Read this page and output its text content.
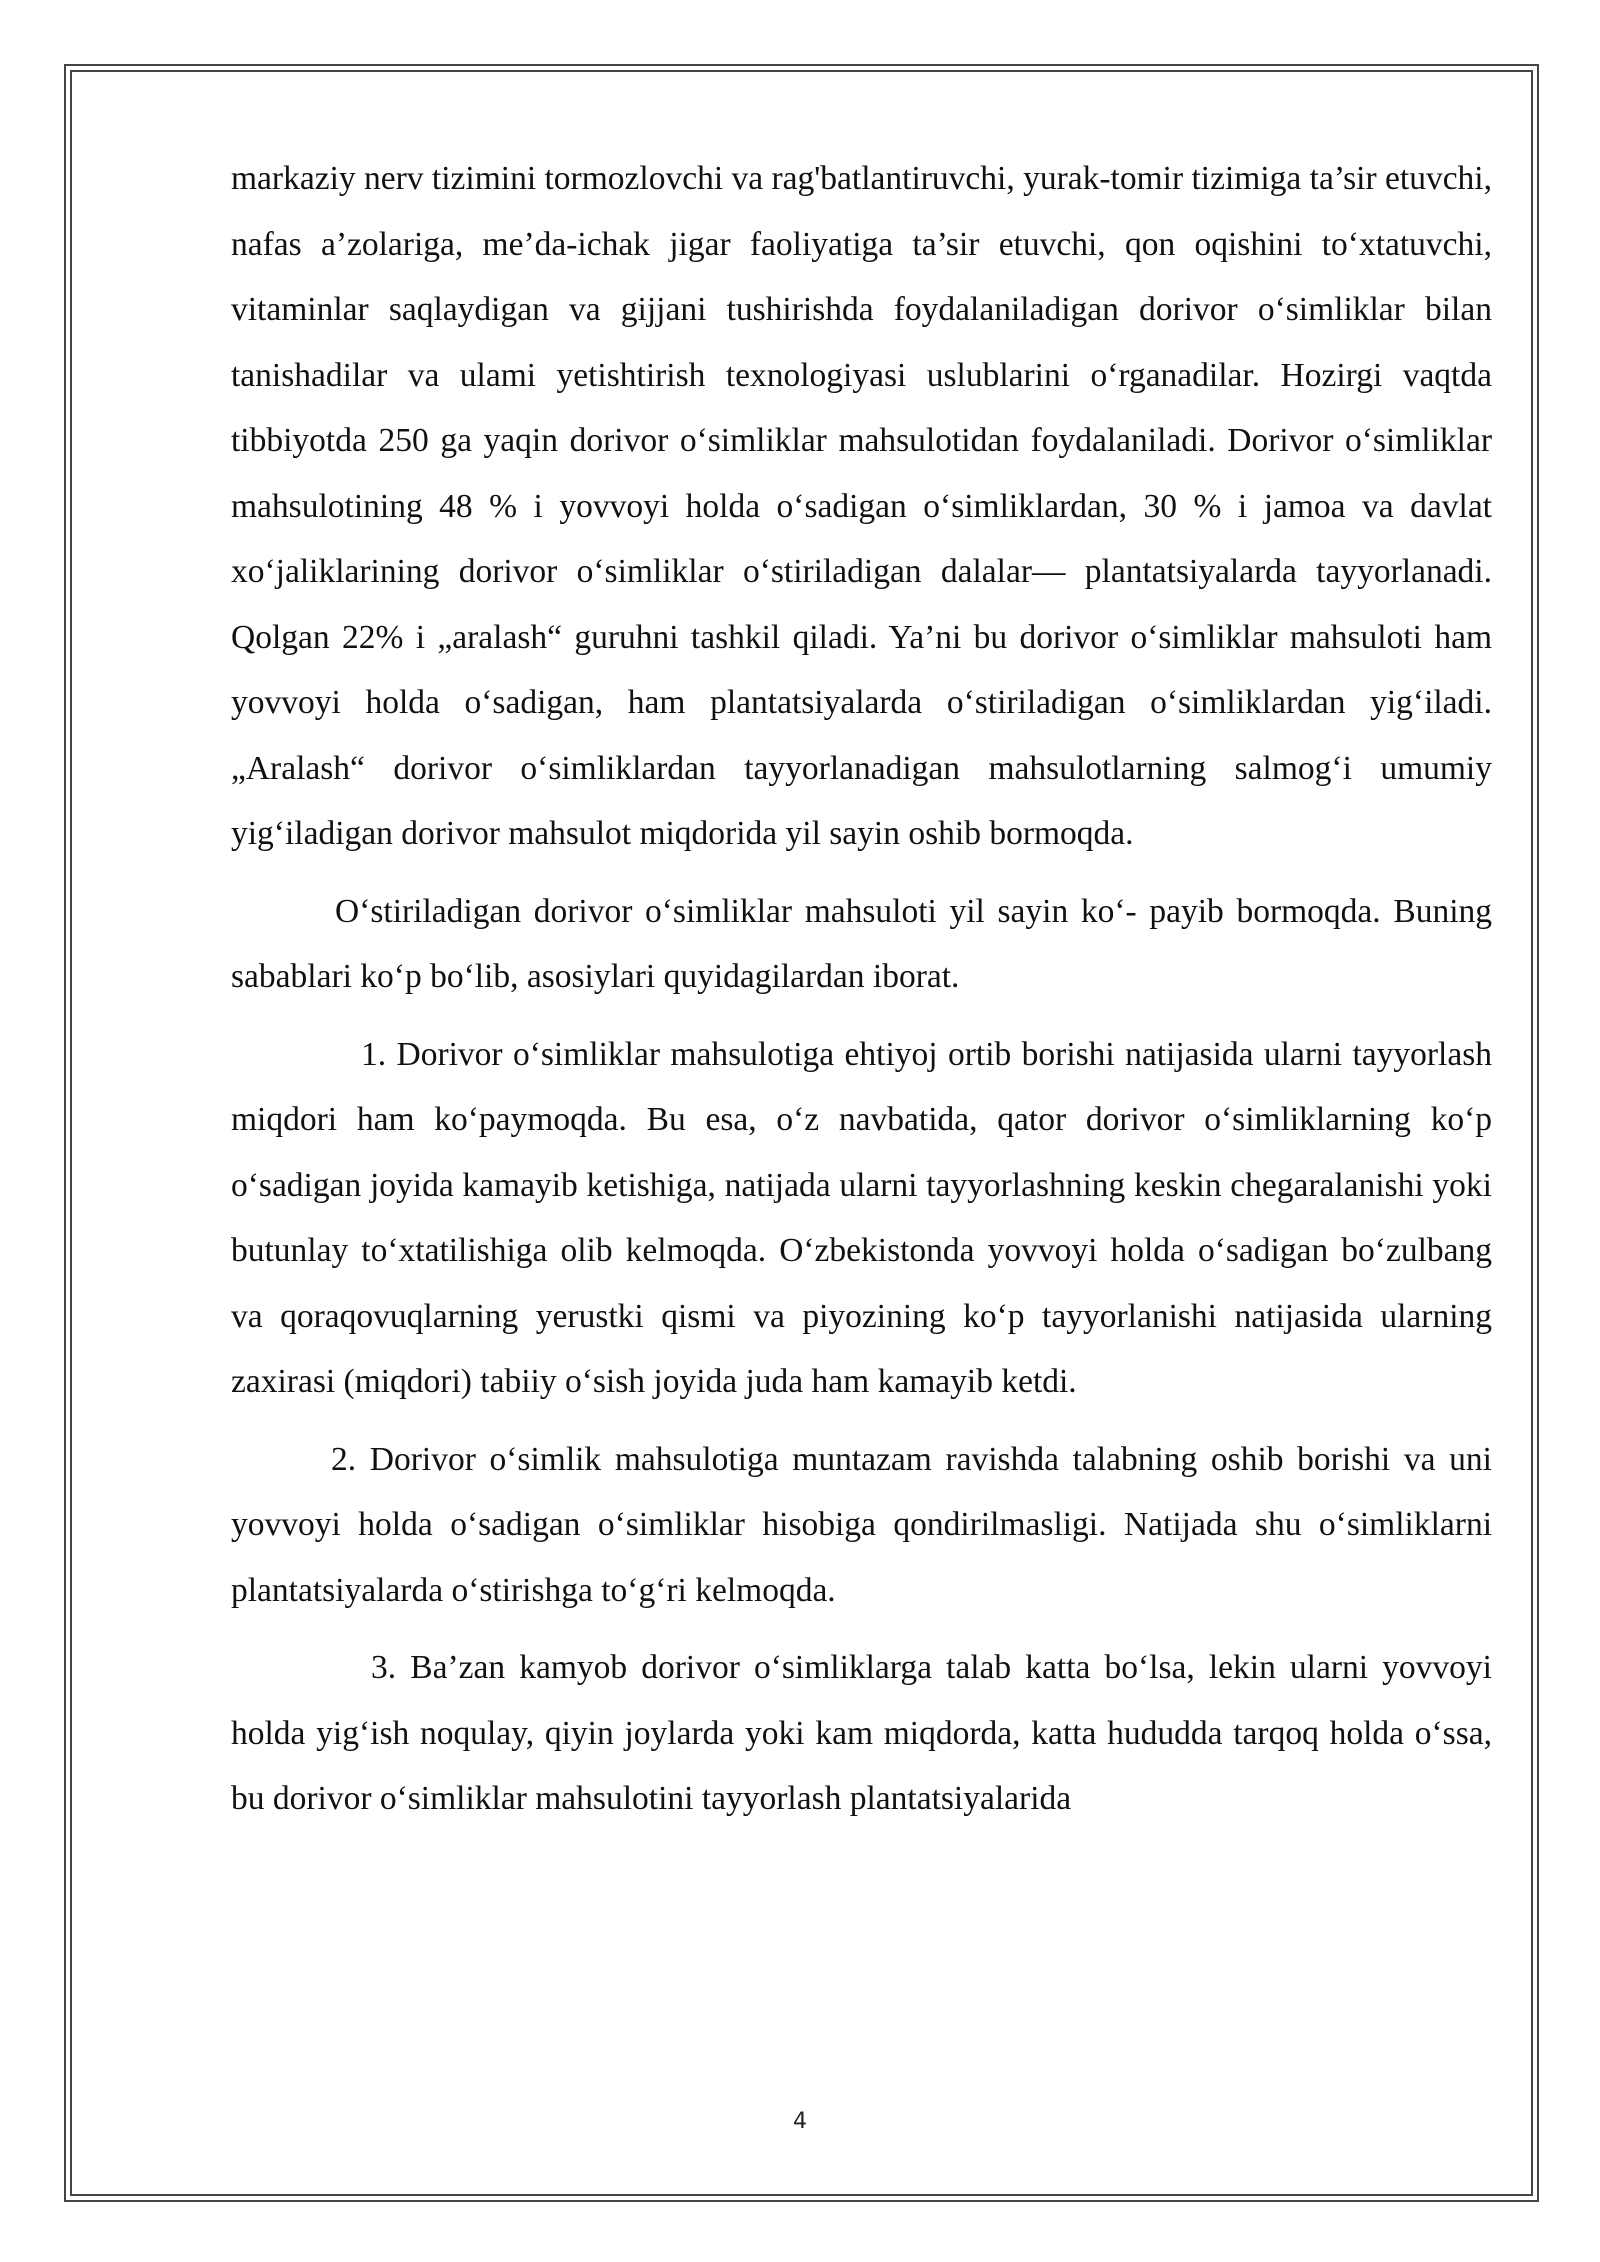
markaziy nerv tizimini tormozlovchi va rag'batlantiruvchi, yurak-tomir tizimiga ta’sir etuvchi, nafas a’zolariga, me’da-ichak jigar faoliyatiga ta’sir etuvchi, qon oqishini to‘xtatuvchi, vitaminlar saqlaydigan va gijjani tushirishda foydalaniladigan dorivor o‘simliklar bilan tanishadilar va ulami yetishtirish texnologiyasi uslublarini o‘rganadilar. Hozirgi vaqtda tibbiyotda 250 ga yaqin dorivor o‘simliklar mahsulotidan foydalaniladi. Dorivor o‘simliklar mahsulotining 48 % i yovvoyi holda o‘sadigan o‘simliklardan, 30 % i jamoa va davlat xo‘jaliklarining dorivor o‘simliklar o‘stiriladigan dalalar— plantatsiyalarda tayyorlanadi. Qolgan 22% i „aralash“ guruhni tashkil qiladi. Ya’ni bu dorivor o‘simliklar mahsuloti ham yovvoyi holda o‘sadigan, ham plantatsiyalarda o‘stiriladigan o‘simliklardan yig‘iladi. „Aralash“ dorivor o‘simliklardan tayyorlanadigan mahsulotlarning salmog‘i umumiy yig‘iladigan dorivor mahsulot miqdorida yil sayin oshib bormoqda.

O‘stiriladigan dorivor o‘simliklar mahsuloti yil sayin ko‘- payib bormoqda. Buning sabablari ko‘p bo‘lib, asosiylari quyidagilardan iborat.

1. Dorivor o‘simliklar mahsulotiga ehtiyoj ortib borishi natijasida ularni tayyorlash miqdori ham ko‘paymoqda. Bu esa, o‘z navbatida, qator dorivor o‘simliklarning ko‘p o‘sadigan joyida kamayib ketishiga, natijada ularni tayyorlashning keskin chegaralanishi yoki butunlay to‘xtatilishiga olib kelmoqda. O‘zbekistonda yovvoyi holda o‘sadigan bo‘zulbang va qoraqovuqlarning yerustki qismi va piyozining ko‘p tayyorlanishi natijasida ularning zaxirasi (miqdori) tabiiy o‘sish joyida juda ham kamayib ketdi.

2. Dorivor o‘simlik mahsulotiga muntazam ravishda talabning oshib borishi va uni yovvoyi holda o‘sadigan o‘simliklar hisobiga qondirilmasligi. Natijada shu o‘simliklarni plantatsiyalarda o‘stirishga to‘g‘ri kelmoqda.

3. Ba’zan kamyob dorivor o‘simliklarga talab katta bo‘lsa, lekin ularni yovvoyi holda yig‘ish noqulay, qiyin joylarda yoki kam miqdorda, katta hududda tarqoq holda o‘ssa, bu dorivor o‘simliklar mahsulotini tayyorlash plantatsiyalarida

4
